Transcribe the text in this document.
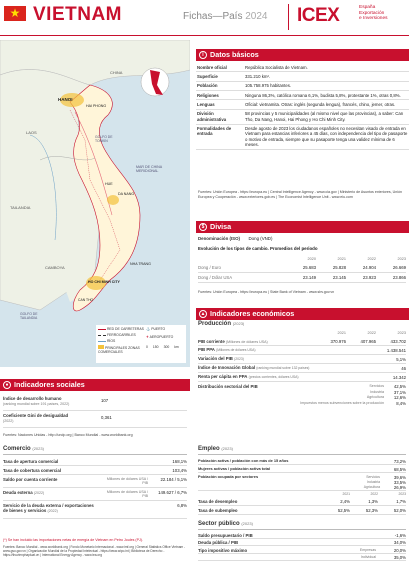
★ VIETNAM	Fichas—País 2024 ICEX	España
Exportación
e Inversiones
CHINA
HANOI
HAI PHONG
LAOS
GOLFO DE TONKIN
MAR DE CHINA MERIDIONAL
TAILANDIA
HUE
DA NANG
CAMBOYA
NHA TRANG
HO CHI MINH CITY
CAN THO
GOLFO DE TAILANDIA
RED DE CARRETERAS
FERROCARRILES
RÍOS
PRINCIPALES ZONAS COMERCIALES
⚓ PUERTO
✈ AEROPUERTO
0 150 300 km
i Datos básicos
Nombre oficial	República Socialista de Vietnam.
Superficie	331.210 km².
Población	105.758.975 habitantes.
Religiones	Ninguna 86,3%, católica romana 6,1%, budista 5,8%, protestante 1%, otras 0,8%.
Lenguas	Oficial: vietnamita. Otras: inglés (segunda lengua), francés, chino, jemer, otras.
División administrativa	58 provincias y 5 municipalidades (al mismo nivel que las provincias), a saber: Can Tho, Da Nang, Hanoi, Hai Phong y Ho Chi Minh City.
Formalidades de entrada	Desde agosto de 2023 los ciudadanos españoles no necesitan visado de entrada en Vietnam para estancias inferiores a 45 días, con independencia del tipo de pasaporte o motivo de entrada, siempre que su pasaporte tenga una validez mínima de 6 meses.
Fuentes: Unión Europea - https://europa.eu | Central Intelligence Agency - www.cia.gov | Ministerio de Asuntos exteriores, Unión Europea y Cooperación - www.exteriores.gob.es | The Economist Intelligence Unit - www.eiu.com
$ Divisa
Denominación (ISO) Dong (VND)
Evolución de los tipos de cambio. Promedios del periodo
2020	2021	2022	2023
Dong / Euro	25.683	25.828	24.904	26.669
Dong / Dólar USA	23.149	23.145	23.923	23.866
Fuentes: Unión Europea - https://europa.eu | State Bank of Vietnam - www.sbv.gov.vn
▲ Indicadores económicos
Producción (2023)
2021	2022	2023
PIB corriente (Millones de dólares USA)	370.976	407.965	433.702
PIB PPA (Millones de dólares USA)	1.438.541
Variación del PIB (2023)	5,1%
Índice de Innovación Global (ranking mundial sobre 132 países)	46
Renta per cápita en PPA (precios corrientes, dólares USA)	14.342
Distribución sectorial del PIB	Servicios 42,5%
Industria 37,1%
Agricultura 12,6%
Impuestos menos subvenciones sobre la producción	8,4%
● Indicadores sociales
Índice de desarrollo humano
(ranking mundial sobre 191 países, 2022)
107
Coeficiente Gini de desigualdad
(2022)
0,361
Fuentes: Naciones Unidas - http://undp.org | Banco Mundial - www.worldbank.org
Comercio (2023)
Tasa de apertura comercial	168,1%
Tasa de cobertura comercial	103,4%
Saldo por cuenta corriente	Millones de dólares USA / PIB
22.184 / 5,1%
Deuda externa (2022)	Millones de dólares USA / PIB
149.627 / 6,7%
Servicio de la deuda externa / exportaciones de bienes y servicios (2022)
6,8%
(*) Se han incluido las importaciones netas de energía de Vietnam en Petro Joules (PJ).
Fuentes: Banco Mundial - www.worldbank.org | Fondo Monetario Internacional - www.imf.org | General Statistics Office Vietnam - www.gso.gov.vn | Organización Mundial de la Propiedad Intelectual - https://www.wipo.int | Biblioteca de Derecho - https://thuvienphapluat.vn | International Energy Agency - www.iea.org
Empleo (2023)
Población activa / población con más de 15 años	73,2%
Mujeres activas / población activa total	68,5%
Población ocupada por sectores	Servicios	39,6%
Industria	33,5%
Agricultura	26,9%
2021	2022	2023
Tasa de desempleo	2,4%	1,3%	1,7%
Tasa de subempleo	52,5%	52,3%	52,0%
Sector público (2023)
Saldo presupuestario / PIB	-1,6%
Deuda pública / PIB	34,0%
Tipo impositivo máximo	Empresas	20,0%
Individual	35,0%
